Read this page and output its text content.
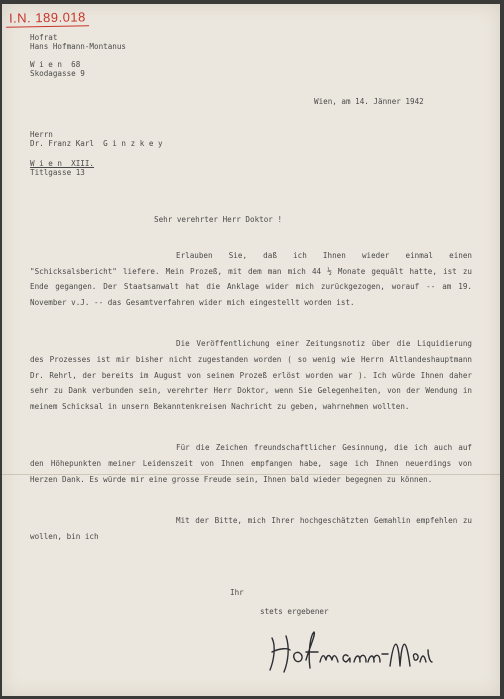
I.N. 189.018
Hofrat
Hans Hofmann-Montanus
W i e n  68
Skodagasse 9
Wien, am 14. Jänner 1942
Herrn
Dr. Franz Karl  G i n z k e y
W i e n  XIII.
Titlgasse 13
Sehr verehrter Herr Doktor !

Erlauben Sie, daß ich Ihnen wieder einmal einen "Schicksalsbericht" liefere. Mein Prozeß, mit dem man mich 44 ½ Monate gequält hatte, ist zu Ende gegangen. Der Staatsanwalt hat die Anklage wider mich zurückgezogen, worauf -- am 19. November v.J. -- das Gesamtverfahren wider mich eingestellt worden ist.

Die Veröffentlichung einer Zeitungsnotiz über die Liquidierung des Prozesses ist mir bisher nicht zugestanden worden ( so wenig wie Herrn Altlandeshauptmann Dr. Rehrl, der bereits im August von seinem Prozeß erlöst worden war ). Ich würde Ihnen daher sehr zu Dank verbunden sein, verehrter Herr Doktor, wenn Sie Gelegenheiten, von der Wendung in meinem Schicksal in unsern Bekanntenkreisen Nachricht zu geben, wahrnehmen wollten.

Für die Zeichen freundschaftlicher Gesinnung, die ich auch auf den Höhepunkten meiner Leidenszeit von Ihnen empfangen habe, sage ich Ihnen neuerdings von Herzen Dank. Es würde mir eine grosse Freude sein, Ihnen bald wieder begegnen zu können.

Mit der Bitte, mich Ihrer hochgeschätzten Gemahlin empfehlen zu wollen, bin ich

Ihr
stets ergebener
